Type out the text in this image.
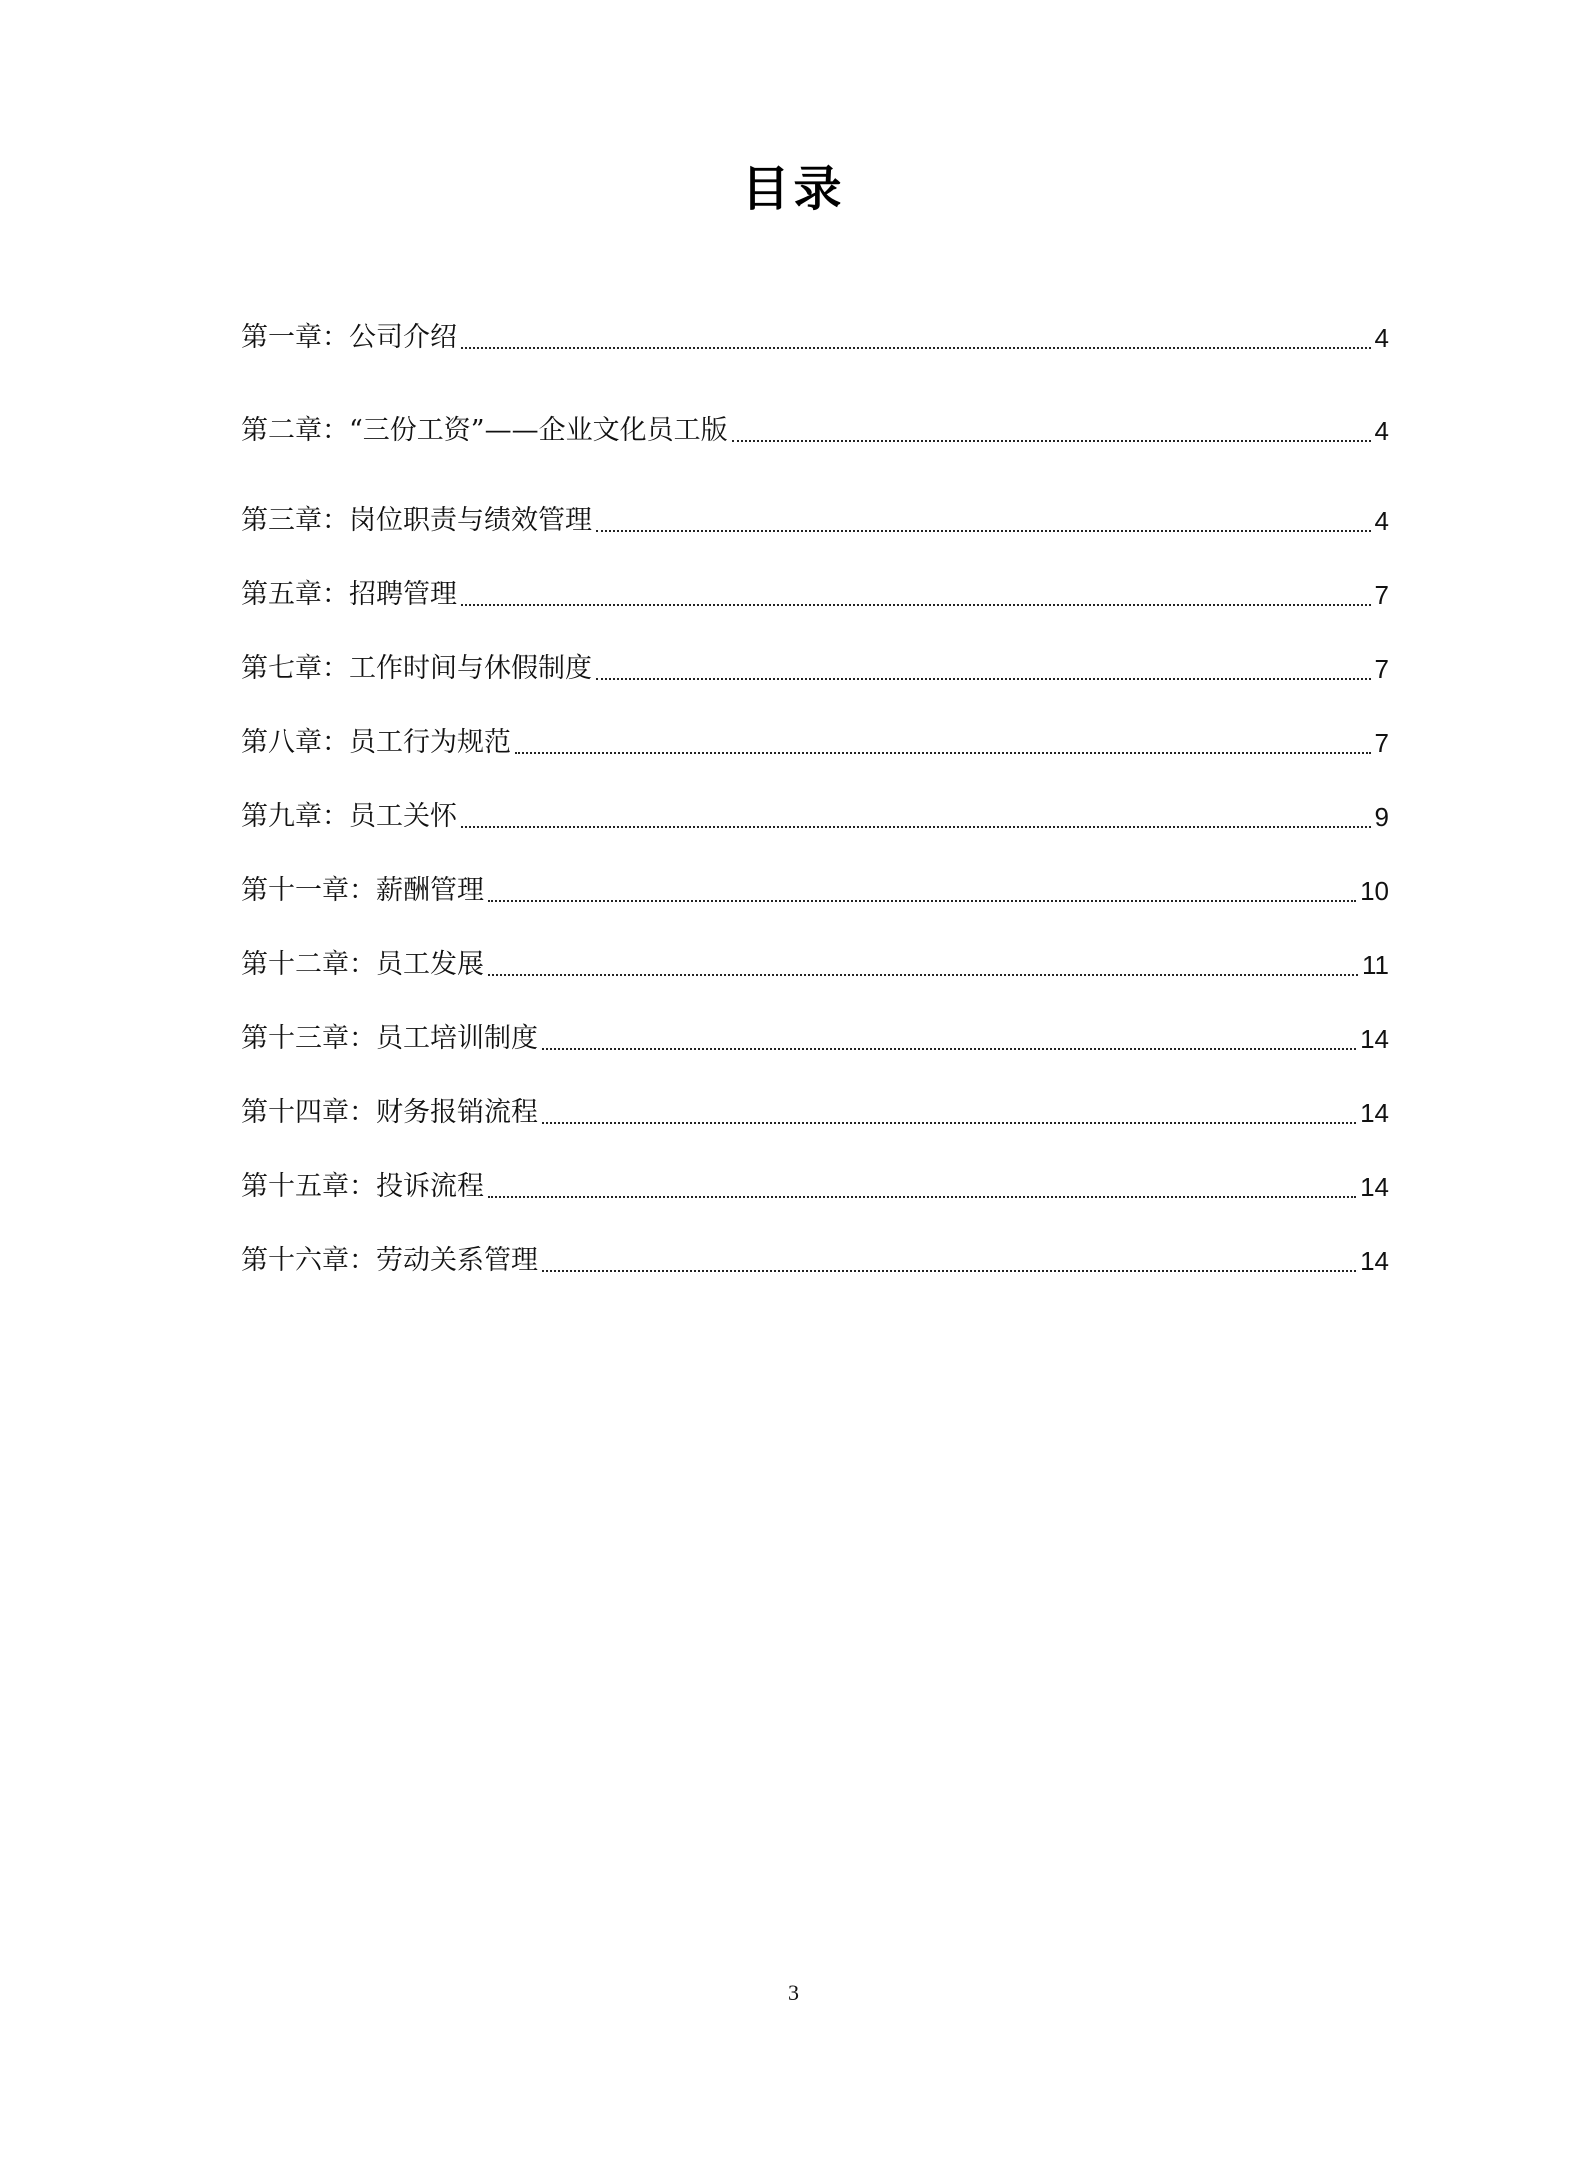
目录
第一章：公司介绍	4
第二章：“三份工资”——企业文化员工版	4
第三章：岗位职责与绩效管理	4
第五章：招聘管理	7
第七章：工作时间与休假制度	7
第八章：员工行为规范	7
第九章：员工关怀	9
第十一章：薪酬管理	10
第十二章：员工发展	11
第十三章：员工培训制度	14
第十四章：财务报销流程	14
第十五章：投诉流程	14
第十六章：劳动关系管理	14
3
